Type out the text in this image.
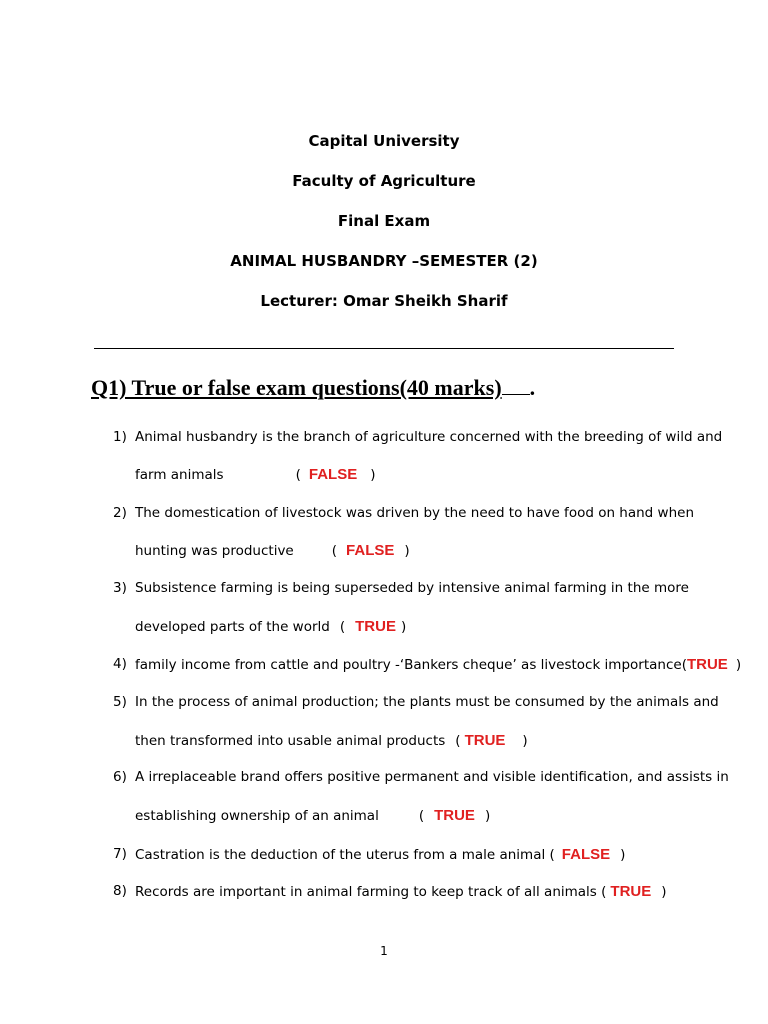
Capital University
Faculty of Agriculture
Final Exam
ANIMAL HUSBANDRY –SEMESTER (2)
Lecturer: Omar Sheikh Sharif
Q1) True or false exam questions(40 marks) .
1) Animal husbandry is the branch of agriculture concerned with the breeding of wild and
farm animals	( FALSE )
2) The domestication of livestock was driven by the need to have food on hand when
hunting was productive	( FALSE )
3) Subsistence farming is being superseded by intensive animal farming in the more
developed parts of the world ( TRUE )
4) family income from cattle and poultry -‘Bankers cheque’ as livestock importance(TRUE )
5) In the process of animal production; the plants must be consumed by the animals and
then transformed into usable animal products ( TRUE )
6) A irreplaceable brand offers positive permanent and visible identification, and assists in
establishing ownership of an animal	( TRUE )
7) Castration is the deduction of the uterus from a male animal ( FALSE )
8) Records are important in animal farming to keep track of all animals ( TRUE )
1
